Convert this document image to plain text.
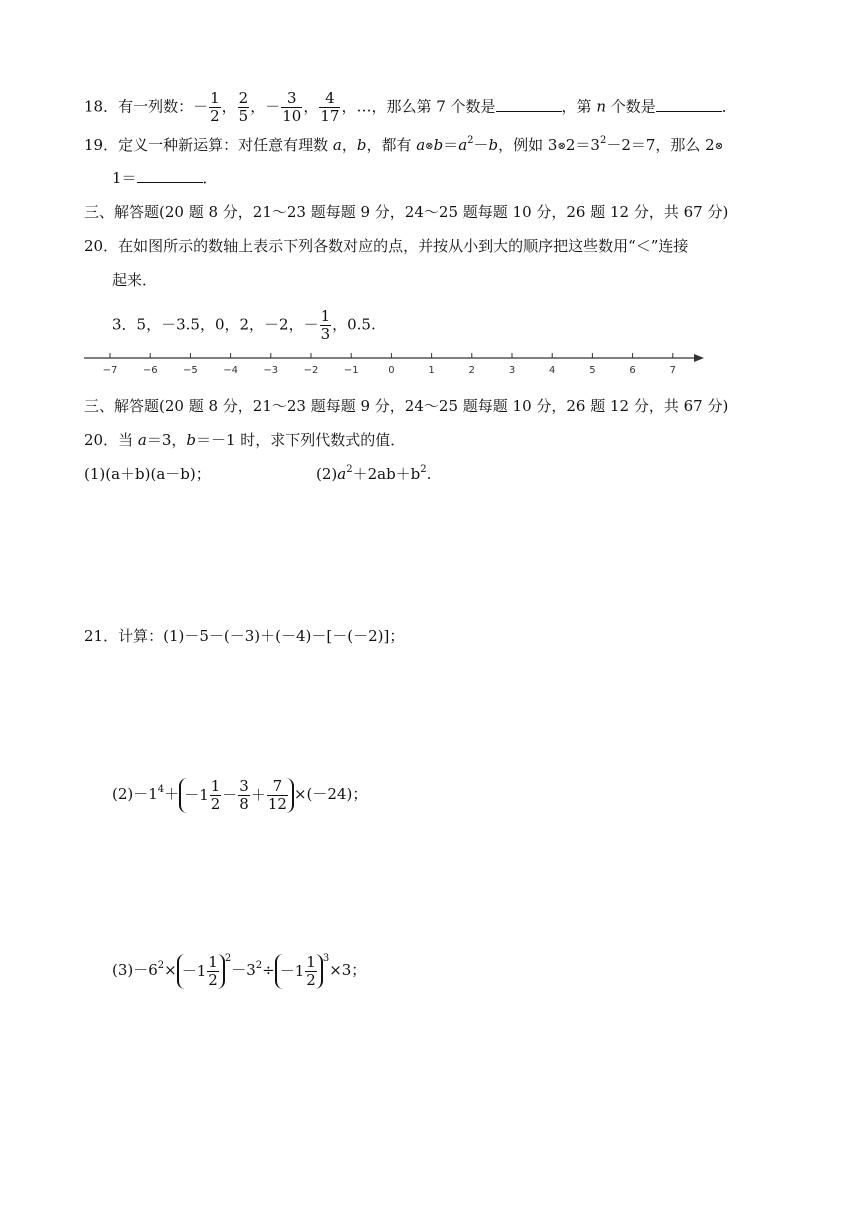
18．有一列数：－ $\frac{1}{2}$ ， $\frac{2}{5}$ ，－ $\frac{3}{10}$ ， $\frac{4}{17}$ ，…，那么第 7 个数是	，第 n 个数是	．
19．定义一种新运算：对任意有理数 a，b，都有 $a\otimes b=a^2-b$，例如 $3\otimes 2=3^2-2=7$，那么 2⊗
1＝	．
三、解答题(20 题 8 分，21～23 题每题 9 分，24～25 题每题 10 分，26 题 12 分，共 67 分)
20．在如图所示的数轴上表示下列各数对应的点，并按从小到大的顺序把这些数用“＜”连接
起来．
3．5，－3.5，0，2，－2，－ $\frac{1}{3}$ ，0.5.
−7	−6	−5	−4	−3	−2	−1	0	1	2	3	4	5	6	7
三、解答题(20 题 8 分，21～23 题每题 9 分，24～25 题每题 10 分，26 题 12 分，共 67 分)
20．当 a＝3，b＝－1 时，求下列代数式的值．
(1)(a＋b)(a－b)；	$(2)a^2+2ab+b^2$.
21．计算：(1)－5－(－3)＋(－4)－[－(－2)]；
$(2)-1^4+ -1 \frac{1}{2} - \frac{3}{8} + \frac{7}{12} \times(-24)$；
$(3)-6^2\times -1 \frac{1}{2} ^2-3^2\div -1 \frac{1}{2} ^3\times 3$；
